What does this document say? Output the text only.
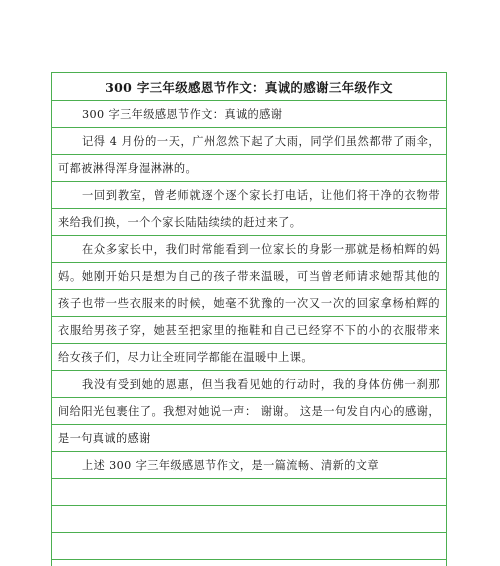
300 字三年级感恩节作文：真诚的感谢三年级作文
300 字三年级感恩节作文：真诚的感谢
记得 4 月份的一天，广州忽然下起了大雨，同学们虽然都带了雨伞，可都被淋得浑身湿淋淋的。
一回到教室，曾老师就逐个逐个家长打电话，让他们将干净的衣物带来给我们换，一个个家长陆陆续续的赶过来了。
在众多家长中，我们时常能看到一位家长的身影一那就是杨柏辉的妈妈。她刚开始只是想为自己的孩子带来温暖，可当曾老师请求她帮其他的孩子也带一些衣服来的时候，她毫不犹豫的一次又一次的回家拿杨柏辉的衣服给男孩子穿，她甚至把家里的拖鞋和自己已经穿不下的小的衣服带来给女孩子们，尽力让全班同学都能在温暖中上课。
我没有受到她的恩惠，但当我看见她的行动时，我的身体仿佛一刹那间给阳光包裹住了。我想对她说一声： 谢谢。 这是一句发自内心的感谢，是一句真诚的感谢
上述 300 字三年级感恩节作文，是一篇流畅、清新的文章
